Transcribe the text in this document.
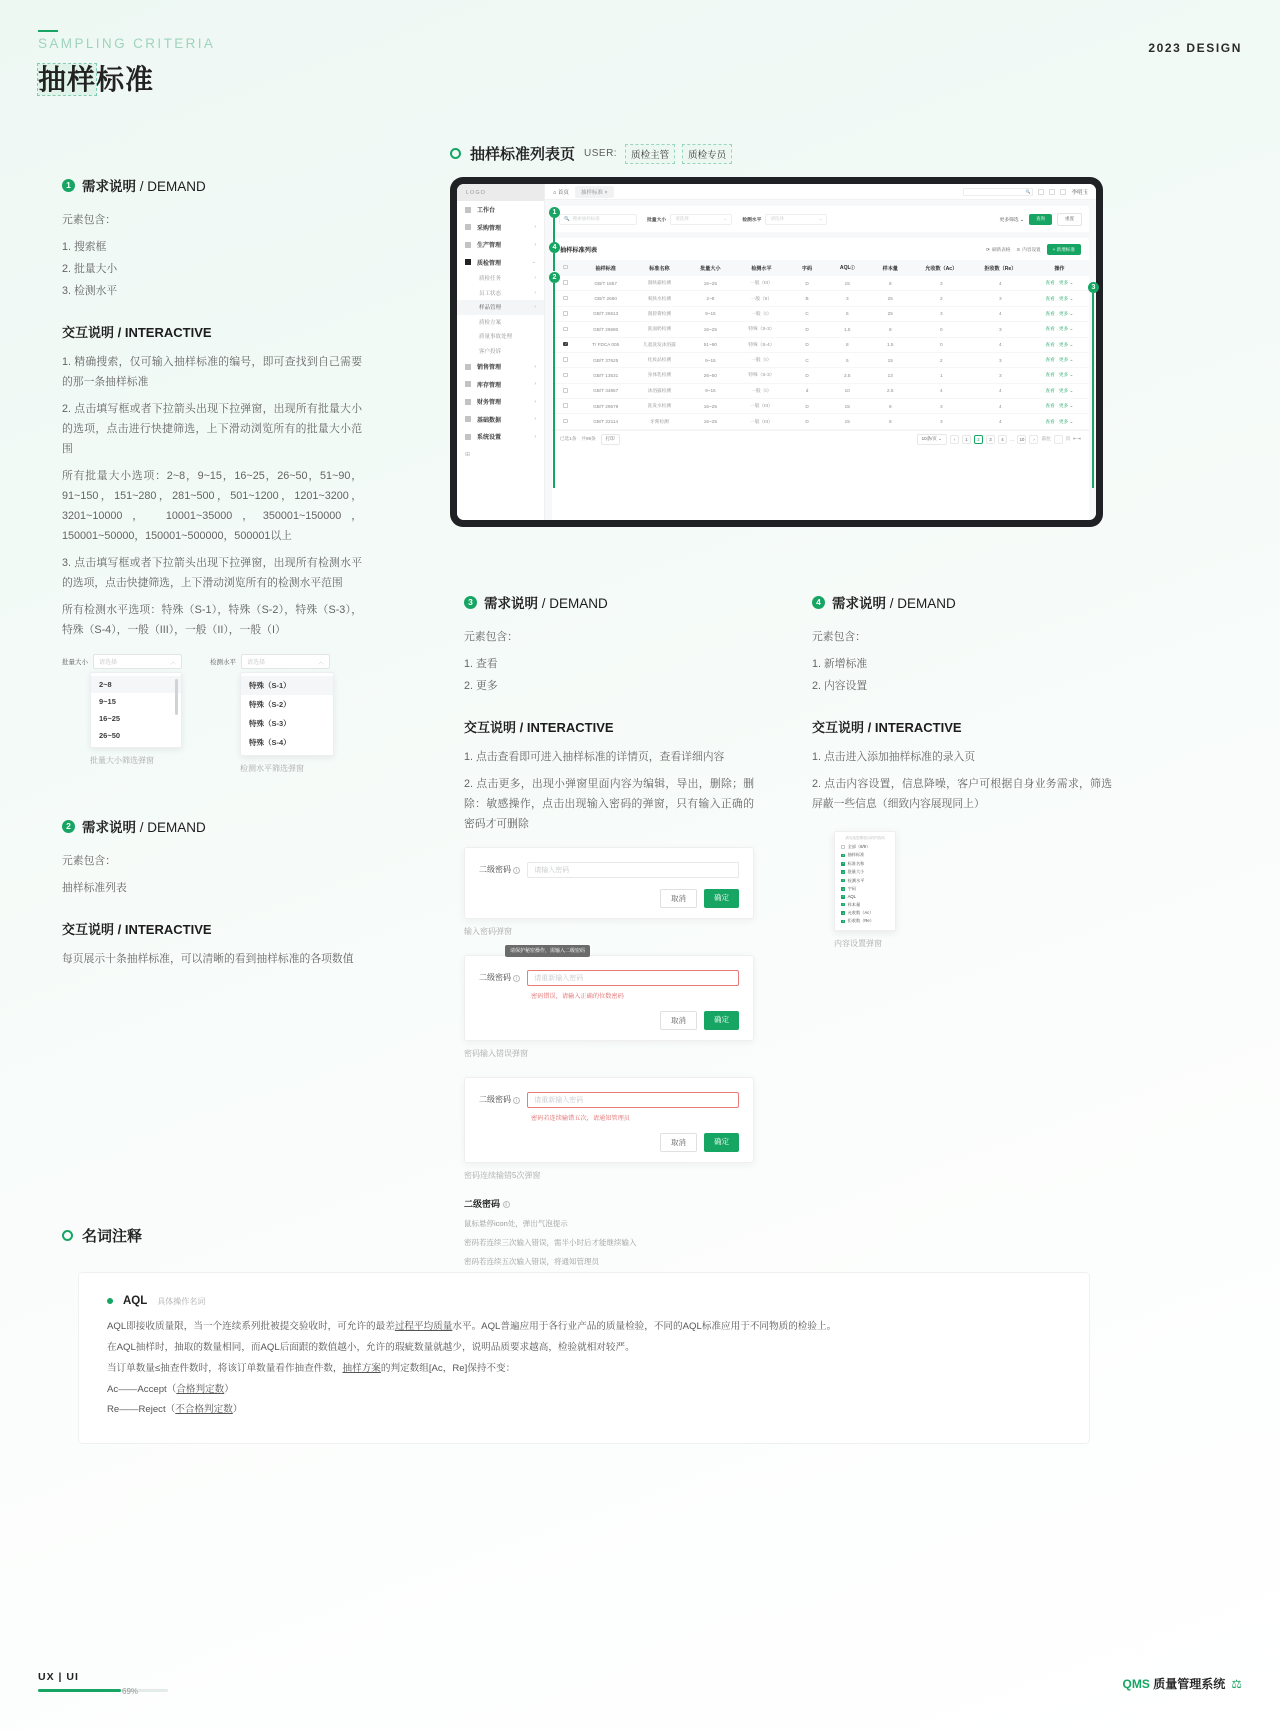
SAMPLING CRITERIA
抽样标准
2023 DESIGN
1 需求说明 / DEMAND
元素包含：
1. 搜索框
2. 批量大小
3. 检测水平
交互说明 / INTERACTIVE
1. 精确搜索，仅可输入抽样标准的编号，即可查找到自己需要的那一条抽样标准
2. 点击填写框或者下拉箭头出现下拉弹窗，出现所有批量大小的选项，点击进行快捷筛选，上下滑动浏览所有的批量大小范围
所有批量大小选项：2~8，9~15，16~25，26~50，51~90，91~150，151~280，281~500，501~1200，1201~3200， 3201~10000， 10001~35000，350001~150000，150001~50000，150001~500000，500001以上
3. 点击填写框或者下拉箭头出现下拉弹窗，出现所有检测水平的选项，点击快捷筛选，上下滑动浏览所有的检测水平范围
所有检测水平选项：特殊（S-1），特殊（S-2），特殊（S-3），特殊（S-4），一般（III），一般（II），一般（I）
批量大小 请选择	︿
2~8
9~15
16~25
26~50
批量大小筛选弹窗
检测水平 请选择	︿
特殊（S-1）
特殊（S-2）
特殊（S-3）
特殊（S-4）
检测水平筛选弹窗
2 需求说明 / DEMAND
元素包含：
抽样标准列表
交互说明 / INTERACTIVE
每页展示十条抽样标准，可以清晰的看到抽样标准的各项数值
抽样标准列表页 USER:	质检主管	质检专员
LOGO
工作台
采购管理	›
生产管理	›
质检管理	⌄
质检任务	›
员工状态	›
样品管理	›
质检方案
质量事故处理
客户投诉
销售管理	›
库存管理	›
财务管理	›
基础数据	›
系统设置	›
⊞
⌂ 首页	抽样标准 ×	🔍	李明玉
🔍 搜索抽样标准	批量大小 请选择	⌄	检测水平 请选择	⌄	更多筛选 ⌄	查询	重置
抽样标准列表	⟳ 刷新表格 ⊙ 内容设置	+ 新增标准
	抽样标准	标准名称	批量大小	检测水平	字码	AQLⓘ	样本量	允收数（Ac）	拒收数（Re）	操作
	GB/T 1857	润肤霜检测	16~25	一般（III）	D	15	8	3	4	查看 更多 ⌄

	GB/T 2660	爽肤水检测	2~8	一般（II）	B	3	25	2	3	查看 更多 ⌄

	GB/T 26513	润唇膏检测	9~15	一般（I）	C	5	25	3	4	查看 更多 ⌄

	GB/T 29680	洗面奶检测	16~25	特殊（S-3）	D	1.5	8	0	3	查看 更多 ⌄

✓	T/ FDCA 005	儿童洗发沐浴露	51~90	特殊（S-4）	D	8	1.5	0	4	查看 更多 ⌄

	GB/T 37625	化妆品检测	9~15	一般（I）	C	5	15	2	3	查看 更多 ⌄

	GB/T 13531	身体乳检测	26~50	特殊（S-3）	D	2.5	13	1	3	查看 更多 ⌄

	GB/T 34857	沐浴露检测	9~15	一般（I）	d	10	2.5	4	4	查看 更多 ⌄

	GB/T 29679	洗发水检测	16~25	一般（III）	D	15	8	3	4	查看 更多 ⌄

	GB/T 22114	牙膏检测	16~25	一般（III）	D	15	8	3	4	查看 更多 ⌄
已选1条 共99条	打印	10条/页 ⌄	‹	1	2	3	4	…	10	›	前往	页 ⇤⇥
1
4
2
3
3 需求说明 / DEMAND
元素包含：
1. 查看
2. 更多
交互说明 / INTERACTIVE
1. 点击查看即可进入抽样标准的详情页，查看详细内容
2. 点击更多，出现小弹窗里面内容为编辑，导出，删除；删除：敏感操作，点击出现输入密码的弹窗，只有输入正确的密码才可删除
二级密码 i	请输入密码
取消	确定
输入密码弹窗
请保护秘密操作，需输入二级密码
二级密码 i	请重新输入密码
密码错误，请输入正确的位数密码
取消	确定
密码输入错误弹窗
二级密码 i	请重新输入密码
密码若连续输错五次，请通知管理员
取消	确定
密码连续输错5次弹窗
二级密码 i
鼠标悬停icon处，弹出气泡提示
密码若连续三次输入错误，需半小时后才能继续输入
密码若连续五次输入错误，将通知管理员
4 需求说明 / DEMAND
元素包含：
1. 新增标准
2. 内容设置
交互说明 / INTERACTIVE
1. 点击进入添加抽样标准的录入页
2. 点击内容设置，信息降噪，客户可根据自身业务需求，筛选屏蔽一些信息（细致内容展现同上）
请勾选您要展示的内容项
全部（8/9）
✓
抽样标准
✓
标准名称
✓
批量大小
✓
检测水平
✓
字码
✓
AQL
✓
样本量
✓
允收数（Ac）
✓
拒收数（Re）
内容设置弹窗
名词注释
AQL 具体操作名词
AQL即接收质量限，当一个连续系列批被提交验收时，可允许的最差过程平均质量水平。AQL普遍应用于各行业产品的质量检验，不同的AQL标准应用于不同物质的检验上。
在AQL抽样时，抽取的数量相同，而AQL后面跟的数值越小，允许的瑕疵数量就越少，说明品质要求越高，检验就相对较严。
当订单数量≤抽查件数时，将该订单数量看作抽查件数，抽样方案的判定数组[Ac，Re]保持不变：
Ac——Accept（合格判定数）
Re——Reject（不合格判定数）
UX | UI
69%
QMS 质量管理系统 ⚖
